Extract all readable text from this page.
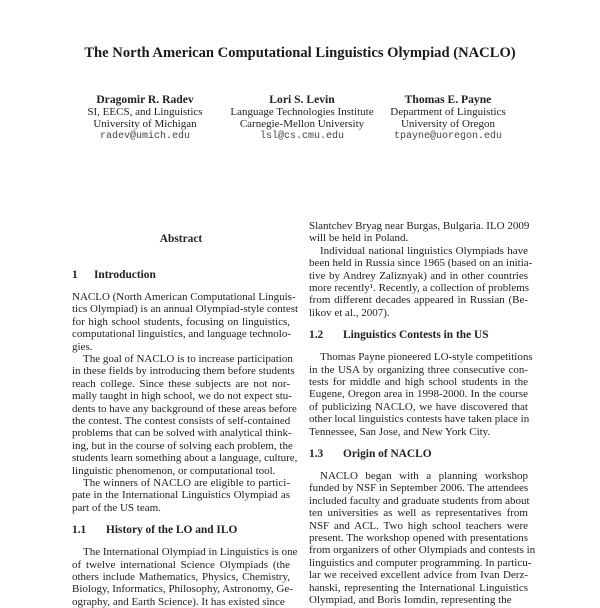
The North American Computational Linguistics Olympiad (NACLO)
Dragomir R. Radev
SI, EECS, and Linguistics
University of Michigan
radev@umich.edu
Lori S. Levin
Language Technologies Institute
Carnegie-Mellon University
lsl@cs.cmu.edu
Thomas E. Payne
Department of Linguistics
University of Oregon
tpayne@uoregon.edu
Abstract
1 Introduction
NACLO (North American Computational Linguis-
tics Olympiad) is an annual Olympiad-style contest
for high school students, focusing on linguistics,
computational linguistics, and language technolo-
gies.
The goal of NACLO is to increase participation
in these fields by introducing them before students
reach college. Since these subjects are not nor-
mally taught in high school, we do not expect stu-
dents to have any background of these areas before
the contest. The contest consists of self-contained
problems that can be solved with analytical think-
ing, but in the course of solving each problem, the
students learn something about a language, culture,
linguistic phenomenon, or computational tool.
The winners of NACLO are eligible to partici-
pate in the International Linguistics Olympiad as
part of the US team.
1.1 History of the LO and ILO
The International Olympiad in Linguistics is one
of twelve international Science Olympiads (the
others include Mathematics, Physics, Chemistry,
Biology, Informatics, Philosophy, Astronomy, Ge-
ography, and Earth Science). It has existed since
Slantchev Bryag near Burgas, Bulgaria. ILO 2009
will be held in Poland.
Individual national linguistics Olympiads have
been held in Russia since 1965 (based on an initia-
tive by Andrey Zaliznyak) and in other countries
more recently¹. Recently, a collection of problems
from different decades appeared in Russian (Be-
likov et al., 2007).
1.2 Linguistics Contests in the US
Thomas Payne pioneered LO-style competitions
in the USA by organizing three consecutive con-
tests for middle and high school students in the
Eugene, Oregon area in 1998-2000. In the course
of publicizing NACLO, we have discovered that
other local linguistics contests have taken place in
Tennessee, San Jose, and New York City.
1.3 Origin of NACLO
NACLO began with a planning workshop
funded by NSF in September 2006. The attendees
included faculty and graduate students from about
ten universities as well as representatives from
NSF and ACL. Two high school teachers were
present. The workshop opened with presentations
from organizers of other Olympiads and contests in
linguistics and computer programming. In particu-
lar we received excellent advice from Ivan Derz-
hanski, representing the International Linguistics
Olympiad, and Boris Iomdin, representing the
